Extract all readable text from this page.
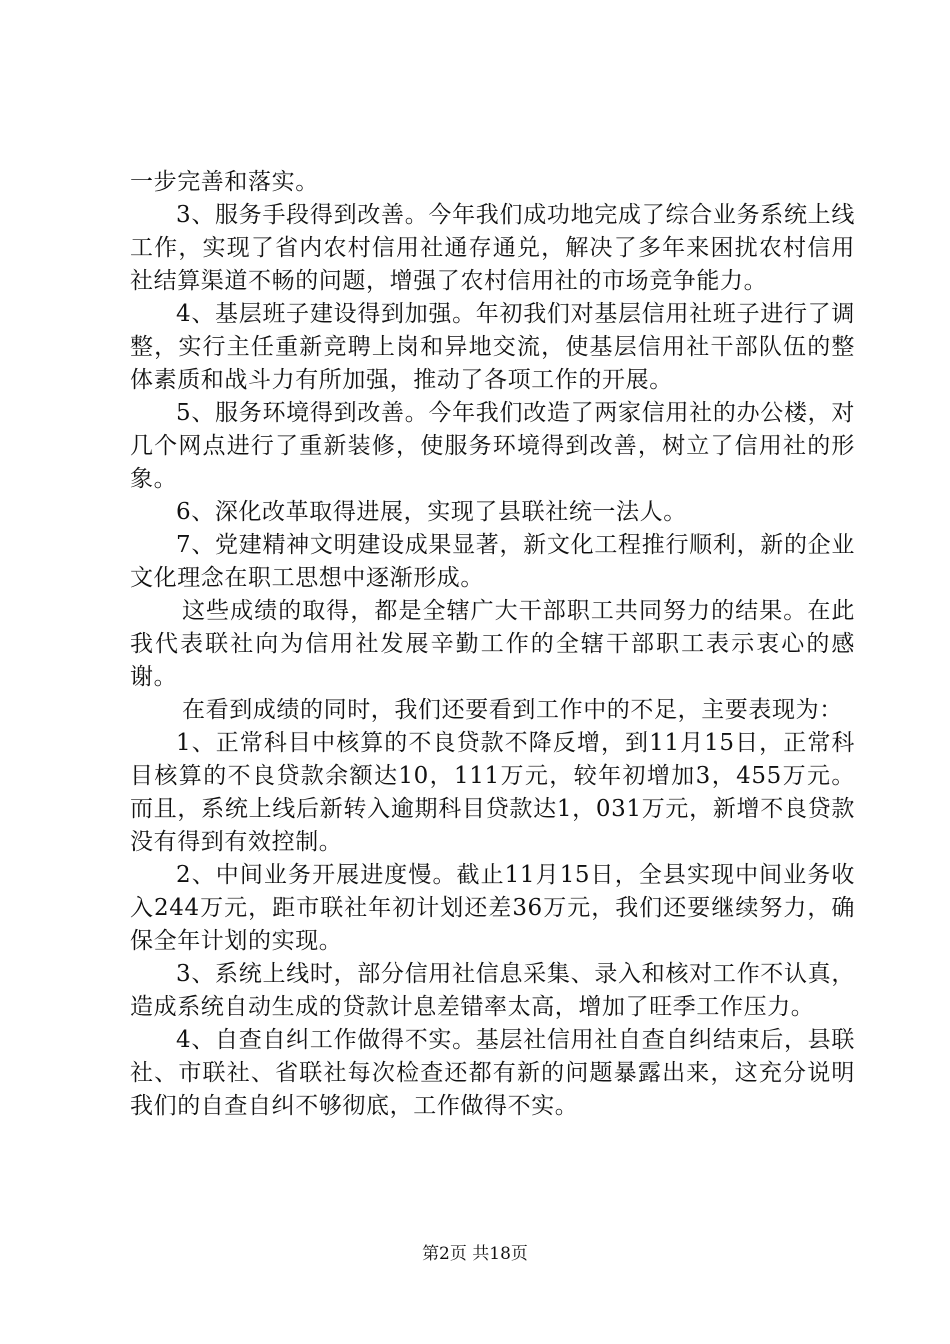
一步完善和落实。

3、服务手段得到改善。今年我们成功地完成了综合业务系统上线工作，实现了省内农村信用社通存通兑，解决了多年来困扰农村信用社结算渠道不畅的问题，增强了农村信用社的市场竞争能力。

4、基层班子建设得到加强。年初我们对基层信用社班子进行了调整，实行主任重新竞聘上岗和异地交流，使基层信用社干部队伍的整体素质和战斗力有所加强，推动了各项工作的开展。

5、服务环境得到改善。今年我们改造了两家信用社的办公楼，对几个网点进行了重新装修，使服务环境得到改善，树立了信用社的形象。

6、深化改革取得进展，实现了县联社统一法人。

7、党建精神文明建设成果显著，新文化工程推行顺利，新的企业文化理念在职工思想中逐渐形成。

这些成绩的取得，都是全辖广大干部职工共同努力的结果。在此我代表联社向为信用社发展辛勤工作的全辖干部职工表示衷心的感谢。

在看到成绩的同时，我们还要看到工作中的不足，主要表现为：

1、正常科目中核算的不良贷款不降反增，到11月15日，正常科目核算的不良贷款余额达10，111万元，较年初增加3，455万元。而且，系统上线后新转入逾期科目贷款达1，031万元，新增不良贷款没有得到有效控制。

2、中间业务开展进度慢。截止11月15日，全县实现中间业务收入244万元，距市联社年初计划还差36万元，我们还要继续努力，确保全年计划的实现。

3、系统上线时，部分信用社信息采集、录入和核对工作不认真，造成系统自动生成的贷款计息差错率太高，增加了旺季工作压力。

4、自查自纠工作做得不实。基层社信用社自查自纠结束后，县联社、市联社、省联社每次检查还都有新的问题暴露出来，这充分说明我们的自查自纠不够彻底，工作做得不实。

第2页 共18页
